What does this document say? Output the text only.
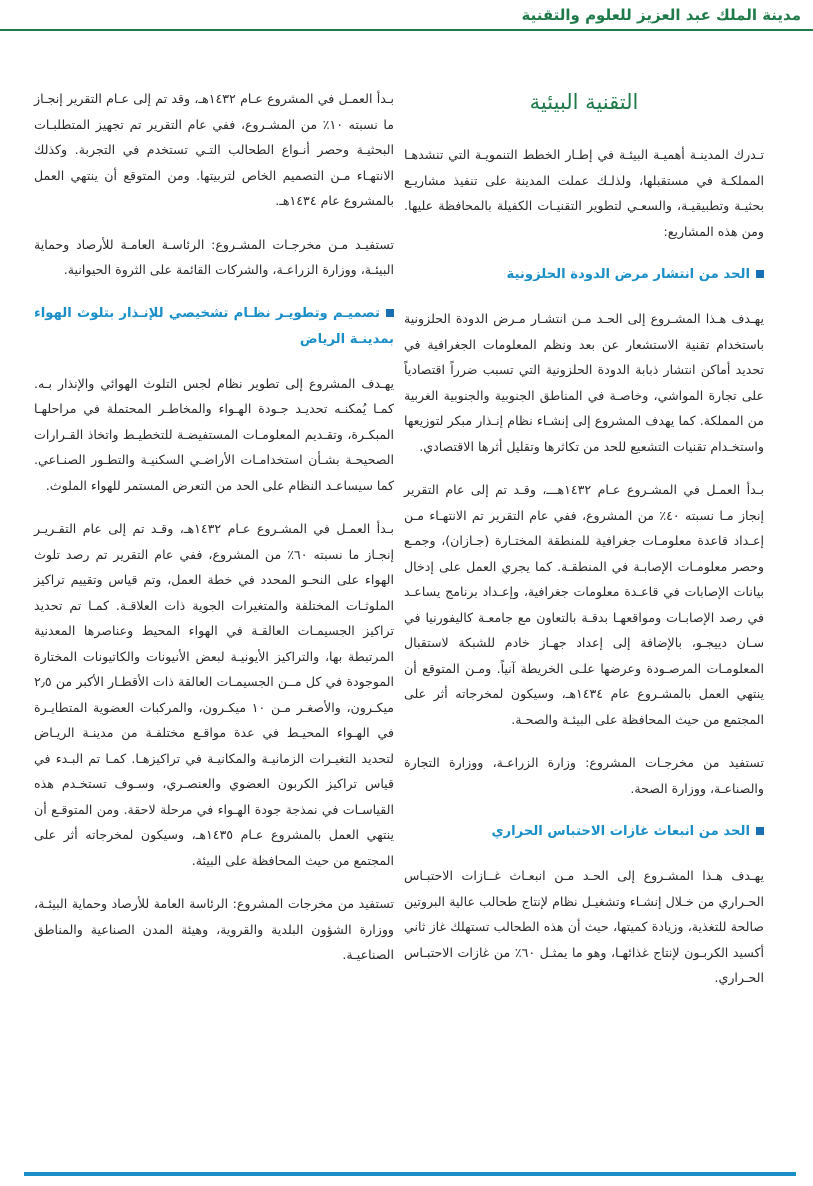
مدينة الملك عبد العزيز للعلوم والتقنية
التقنية البيئية

تـدرك المدينـة أهميـة البيئـة في إطـار الخطط التنمويـة التي تنشدهـا المملكـة في مستقبلها، ولذلـك عملت المدينة على تنفيذ مشاريـع بحثيـة وتطبيقيـة، والسعـي لتطوير التقنيـات الكفيلة بالمحافظة عليها. ومن هذه المشاريع:

الحد من انتشار مرض الدودة الحلزونية

يهـدف هـذا المشـروع إلى الحـد مـن انتشـار مـرض الدودة الحلزونية باستخدام تقنية الاستشعار عن بعد ونظم المعلومات الجغرافية في تحديد أماكن انتشار ذبابة الدودة الحلزونية التي تسبب ضرراً اقتصادياً على تجارة المواشي، وخاصـة في المناطق الجنوبية والجنوبية الغربية من المملكة. كما يهدف المشروع إلى إنشـاء نظام إنـذار مبكر لتوزيعها واستخـدام تقنيات التشعيع للحد من تكاثرها وتقليل أثرها الاقتصادي.

بـدأ العمـل في المشـروع عـام ١٤٣٢هـــ، وقـد تم إلى عام التقرير إنجاز مـا نسبته ٤٠٪ من المشروع، ففي عام التقرير تم الانتهـاء مـن إعـداد قاعدة معلومـات جغرافية للمنطقة المختـارة (جـازان)، وجمـع وحصر معلومـات الإصابـة في المنطقـة. كما يجري العمل على إدخال بيانات الإصابات في قاعـدة معلومات جغرافية، وإعـداد برنامج يساعـد في رصد الإصابـات ومواقعهـا بدقـة بالتعاون مع جامعـة كاليفورنيا في سـان دييجـو، بالإضافة إلى إعداد جهـاز خادم للشبكة لاستقبال المعلومـات المرصـودة وعرضها علـى الخريطة آنياً. ومـن المتوقع أن ينتهي العمل بالمشـروع عام ١٤٣٤هـ، وسيكون لمخرجاته أثر على المجتمع من حيث المحافظة على البيئـة والصحـة.

تستفيد من مخرجـات المشروع: وزارة الزراعـة، ووزارة التجارة والصناعـة، ووزارة الصحة.

الحد من انبعاث غازات الاحتباس الحراري

يهـدف هـذا المشـروع إلى الحـد مـن انبعـاث غــازات الاحتبـاس الحـراري من خـلال إنشـاء وتشغيـل نظام لإنتاج طحالب عالية البروتين صالحة للتغذية، وزيادة كميتها، حيث أن هذه الطحالب تستهلك غاز ثاني أكسيد الكربـون لإنتاج غذائهـا، وهو ما يمثـل ٦٠٪ من غازات الاحتبـاس الحـراري.

بـدأ العمـل في المشروع عـام ١٤٣٢هـ، وقد تم إلى عـام التقرير إنجـاز ما نسبته ١٠٪ من المشـروع، ففي عام التقرير تم تجهيز المتطلبـات البحثيـة وحصر أنـواع الطحالب التـي تستخدم في التجربة. وكذلك الانتهـاء مـن التصميم الخاص لتربيتها. ومن المتوقع أن ينتهي العمل بالمشروع عام ١٤٣٤هـ.

تستفيـد مـن مخرجـات المشـروع: الرئاسـة العامـة للأرصاد وحماية البيئـة، ووزارة الزراعـة، والشركات القائمة على الثروة الحيوانية.

تصميـم وتطويـر نظـام تشخيصي للإنـذار بتلوث الهواء بمدينـة الرياض

يهـدف المشروع إلى تطوير نظام لجس التلوث الهوائي والإنذار بـه. كمـا يُمكنـه تحديـد جـودة الهـواء والمخاطـر المحتملة في مراحلهـا المبكـرة، وتقـديم المعلومـات المستفيضـة للتخطيـط واتخاذ القـرارات الصحيحـة بشـأن استخدامـات الأراضـي السكنيـة والتطـور الصنـاعي. كما سيساعـد النظام على الحد من التعرض المستمر للهواء الملوث.

بـدأ العمـل في المشـروع عـام ١٤٣٢هـ، وقـد تم إلى عام التقـريـر إنجـاز ما نسبته ٦٠٪ من المشروع، ففي عام التقرير تم رصد تلوث الهواء على النحـو المحدد في خطة العمل، وتم قياس وتقييم تراكيز الملوثـات المختلفة والمتغيرات الجوية ذات العلاقـة. كمـا تم تحديد تراكيز الجسيمـات العالقـة في الهواء المحيط وعناصرها المعدنية المرتبطة بها، والتراكيز الأيونيـة لبعض الأنيونات والكاتيونات المختارة الموجودة في كل مــن الجسيمـات العالقة ذات الأقطـار الأكبر من ٢٫٥ ميكـرون، والأصغـر مـن ١٠ ميكـرون، والمركبات العضوية المتطايـرة في الهـواء المحيـط في عدة مواقـع مختلفـة من مدينـة الريـاض لتحديد التغيـرات الزمانيـة والمكانيـة في تراكيزهـا. كمـا تم البـدء في قياس تراكيز الكربون العضوي والعنصـري، وسـوف تستخـدم هذه القياسـات في نمذجة جودة الهـواء في مرحلة لاحقة. ومن المتوقـع أن ينتهي العمل بالمشروع عـام ١٤٣٥هـ، وسيكون لمخرجاته أثر على المجتمع من حيث المحافظة على البيئة.

تستفيد من مخرجات المشروع: الرئاسة العامة للأرصاد وحماية البيئـة، ووزارة الشؤون البلدية والقروية، وهيئة المدن الصناعية والمناطق الصناعيـة.
